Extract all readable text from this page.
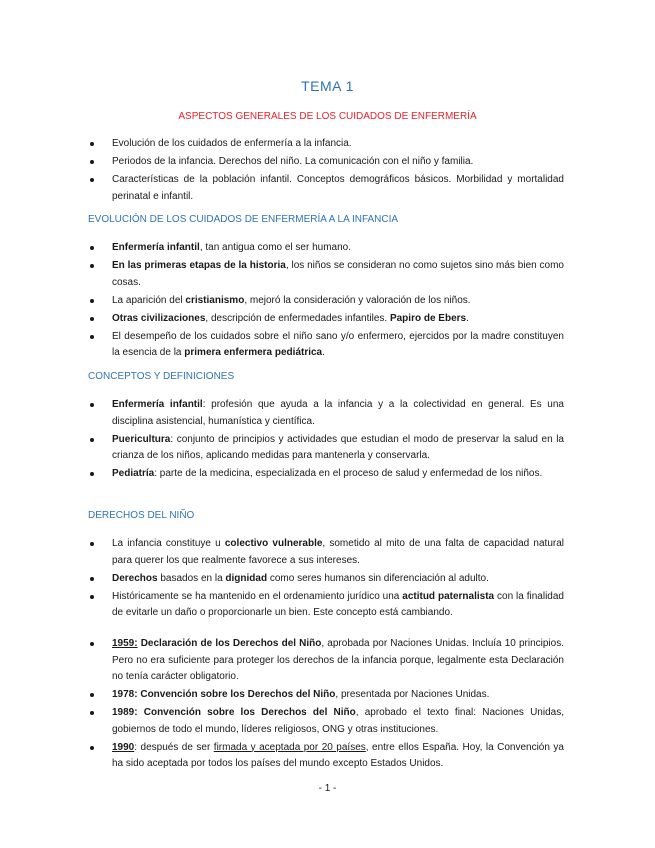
TEMA 1
ASPECTOS GENERALES DE LOS CUIDADOS DE ENFERMERÍA
Evolución de los cuidados de enfermería a la infancia.
Periodos de la infancia. Derechos del niño. La comunicación con el niño y familia.
Características de la población infantil. Conceptos demográficos básicos. Morbilidad y mortalidad perinatal e infantil.
EVOLUCIÓN DE LOS CUIDADOS DE ENFERMERÍA A LA INFANCIA
Enfermería infantil, tan antigua como el ser humano.
En las primeras etapas de la historia, los niños se consideran no como sujetos sino más bien como cosas.
La aparición del cristianismo, mejoró la consideración y valoración de los niños.
Otras civilizaciones, descripción de enfermedades infantiles. Papiro de Ebers.
El desempeño de los cuidados sobre el niño sano y/o enfermero, ejercidos por la madre constituyen la esencia de la primera enfermera pediátrica.
CONCEPTOS Y DEFINICIONES
Enfermería infantil: profesión que ayuda a la infancia y a la colectividad en general. Es una disciplina asistencial, humanística y científica.
Puericultura: conjunto de principios y actividades que estudian el modo de preservar la salud en la crianza de los niños, aplicando medidas para mantenerla y conservarla.
Pediatría: parte de la medicina, especializada en el proceso de salud y enfermedad de los niños.
DERECHOS DEL NIÑO
La infancia constituye u colectivo vulnerable, sometido al mito de una falta de capacidad natural para querer los que realmente favorece a sus intereses.
Derechos basados en la dignidad como seres humanos sin diferenciación al adulto.
Históricamente se ha mantenido en el ordenamiento jurídico una actitud paternalista con la finalidad de evitarle un daño o proporcionarle un bien. Este concepto está cambiando.
1959: Declaración de los Derechos del Niño, aprobada por Naciones Unidas. Incluía 10 principios. Pero no era suficiente para proteger los derechos de la infancia porque, legalmente esta Declaración no tenía carácter obligatorio.
1978: Convención sobre los Derechos del Niño, presentada por Naciones Unidas.
1989: Convención sobre los Derechos del Niño, aprobado el texto final: Naciones Unidas, gobiernos de todo el mundo, líderes religiosos, ONG y otras instituciones.
1990: después de ser firmada y aceptada por 20 países, entre ellos España. Hoy, la Convención ya ha sido aceptada por todos los países del mundo excepto Estados Unidos.
- 1 -
